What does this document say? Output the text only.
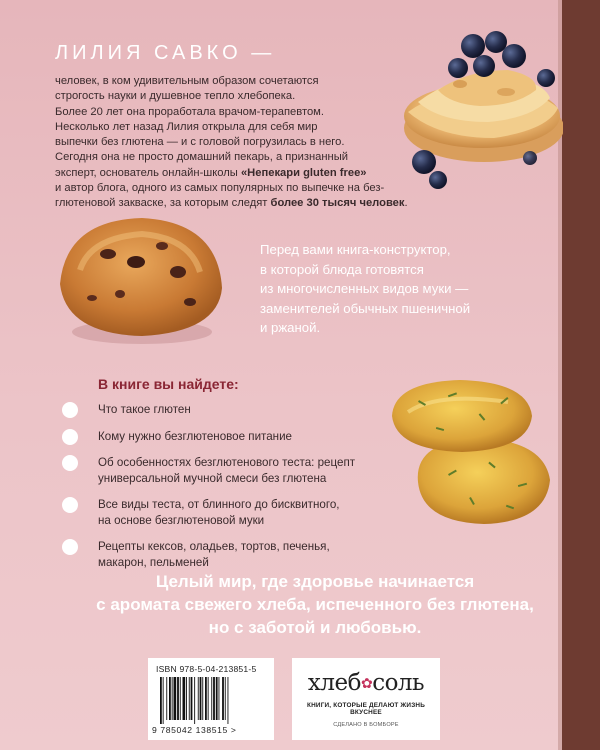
ЛИЛИЯ САВКО —
человек, в ком удивительным образом сочетаются
строгость науки и душевное тепло хлебопека.
Более 20 лет она проработала врачом-терапевтом.
Несколько лет назад Лилия открыла для себя мир
выпечки без глютена — и с головой погрузилась в него.
Сегодня она не просто домашний пекарь, а признанный
эксперт, основатель онлайн-школы «Непекари gluten free»
и автор блога, одного из самых популярных по выпечке на без-
глютеновой закваске, за которым следят более 30 тысяч человек.
Перед вами книга-конструктор,
в которой блюда готовятся
из многочисленных видов муки —
заменителей обычных пшеничной
и ржаной.
В книге вы найдете:
Что такое глютен
Кому нужно безглютеновое питание
Об особенностях безглютенового теста: рецепт
универсальной мучной смеси без глютена
Все виды теста, от блинного до бисквитного,
на основе безглютеновой муки
Рецепты кексов, оладьев, тортов, печенья,
макарон, пельменей
Целый мир, где здоровье начинается
с аромата свежего хлеба, испеченного без глютена,
но с заботой и любовью.
ISBN 978-5-04-213851-5
9 785042 138515 >
хлеб✿соль
КНИГИ, КОТОРЫЕ ДЕЛАЮТ ЖИЗНЬ ВКУСНЕЕ
СДЕЛАНО В БОМБОРЕ
